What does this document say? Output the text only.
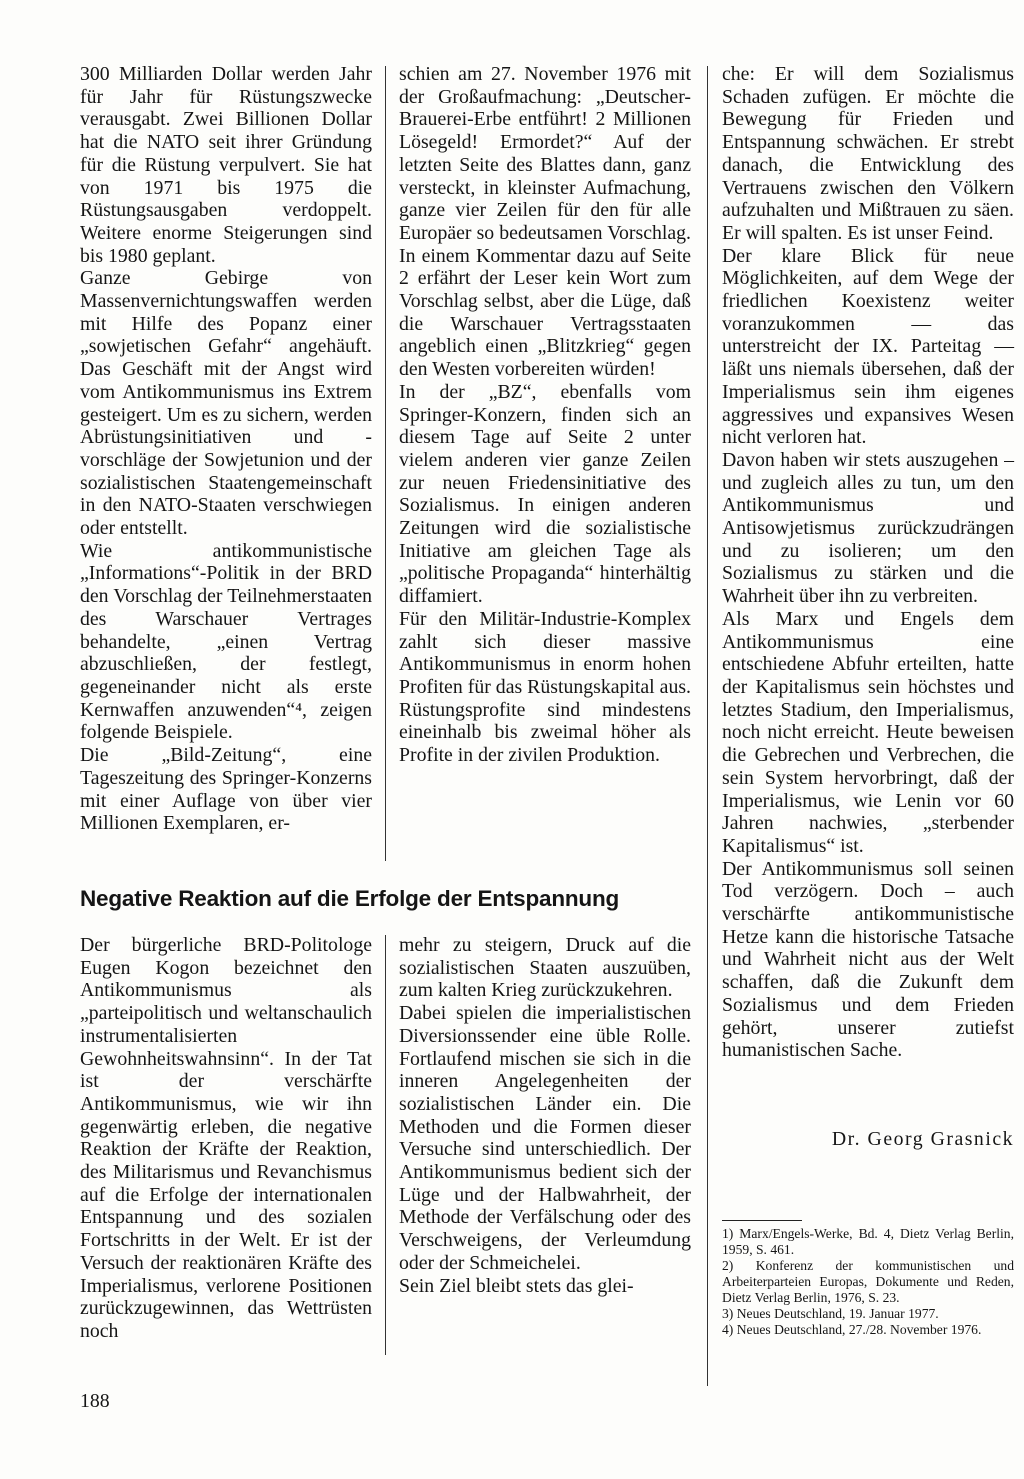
300 Milliarden Dollar werden Jahr für Jahr für Rüstungszwecke verausgabt. Zwei Billionen Dollar hat die NATO seit ihrer Gründung für die Rüstung verpulvert. Sie hat von 1971 bis 1975 die Rüstungsausgaben verdoppelt. Weitere enorme Steigerungen sind bis 1980 geplant.

Ganze Gebirge von Massenvernichtungswaffen werden mit Hilfe des Popanz einer „sowjetischen Gefahr“ angehäuft. Das Geschäft mit der Angst wird vom Antikommunismus ins Extrem gesteigert. Um es zu sichern, werden Abrüstungsinitiativen und -vorschläge der Sowjetunion und der sozialistischen Staatengemeinschaft in den NATO-Staaten verschwiegen oder entstellt.

Wie antikommunistische „Informations“-Politik in der BRD den Vorschlag der Teilnehmerstaaten des Warschauer Vertrages behandelte, „einen Vertrag abzuschließen, der festlegt, gegeneinander nicht als erste Kernwaffen anzuwenden“⁴, zeigen folgende Beispiele.

Die „Bild-Zeitung“, eine Tageszeitung des Springer-Konzerns mit einer Auflage von über vier Millionen Exemplaren, er-

schien am 27. November 1976 mit der Großaufmachung: „Deutscher-Brauerei-Erbe entführt! 2 Millionen Lösegeld! Ermordet?“ Auf der letzten Seite des Blattes dann, ganz versteckt, in kleinster Aufmachung, ganze vier Zeilen für den für alle Europäer so bedeutsamen Vorschlag. In einem Kommentar dazu auf Seite 2 erfährt der Leser kein Wort zum Vorschlag selbst, aber die Lüge, daß die Warschauer Vertragsstaaten angeblich einen „Blitzkrieg“ gegen den Westen vorbereiten würden!

In der „BZ“, ebenfalls vom Springer-Konzern, finden sich an diesem Tage auf Seite 2 unter vielem anderen vier ganze Zeilen zur neuen Friedensinitiative des Sozialismus. In einigen anderen Zeitungen wird die sozialistische Initiative am gleichen Tage als „politische Propaganda“ hinterhältig diffamiert.

Für den Militär-Industrie-Komplex zahlt sich dieser massive Antikommunismus in enorm hohen Profiten für das Rüstungskapital aus. Rüstungsprofite sind mindestens eineinhalb bis zweimal höher als Profite in der zivilen Produktion.

Negative Reaktion auf die Erfolge der Entspannung

Der bürgerliche BRD-Politologe Eugen Kogon bezeichnet den Antikommunismus als „parteipolitisch und weltanschaulich instrumentalisierten Gewohnheitswahnsinn“. In der Tat ist der verschärfte Antikommunismus, wie wir ihn gegenwärtig erleben, die negative Reaktion der Kräfte der Reaktion, des Militarismus und Revanchismus auf die Erfolge der internationalen Entspannung und des sozialen Fortschritts in der Welt. Er ist der Versuch der reaktionären Kräfte des Imperialismus, verlorene Positionen zurückzugewinnen, das Wettrüsten noch

mehr zu steigern, Druck auf die sozialistischen Staaten auszuüben, zum kalten Krieg zurückzukehren.

Dabei spielen die imperialistischen Diversionssender eine üble Rolle. Fortlaufend mischen sie sich in die inneren Angelegenheiten der sozialistischen Länder ein. Die Methoden und die Formen dieser Versuche sind unterschiedlich. Der Antikommunismus bedient sich der Lüge und der Halbwahrheit, der Methode der Verfälschung oder des Verschweigens, der Verleumdung oder der Schmeichelei.

Sein Ziel bleibt stets das glei-

che: Er will dem Sozialismus Schaden zufügen. Er möchte die Bewegung für Frieden und Entspannung schwächen. Er strebt danach, die Entwicklung des Vertrauens zwischen den Völkern aufzuhalten und Mißtrauen zu säen. Er will spalten. Es ist unser Feind.

Der klare Blick für neue Möglichkeiten, auf dem Wege der friedlichen Koexistenz weiter voranzukommen — das unterstreicht der IX. Parteitag — läßt uns niemals übersehen, daß der Imperialismus sein ihm eigenes aggressives und expansives Wesen nicht verloren hat.

Davon haben wir stets auszugehen – und zugleich alles zu tun, um den Antikommunismus und Antisowjetismus zurückzudrängen und zu isolieren; um den Sozialismus zu stärken und die Wahrheit über ihn zu verbreiten.

Als Marx und Engels dem Antikommunismus eine entschiedene Abfuhr erteilten, hatte der Kapitalismus sein höchstes und letztes Stadium, den Imperialismus, noch nicht erreicht. Heute beweisen die Gebrechen und Verbrechen, die sein System hervorbringt, daß der Imperialismus, wie Lenin vor 60 Jahren nachwies, „sterbender Kapitalismus“ ist.

Der Antikommunismus soll seinen Tod verzögern. Doch – auch verschärfte antikommunistische Hetze kann die historische Tatsache und Wahrheit nicht aus der Welt schaffen, daß die Zukunft dem Sozialismus und dem Frieden gehört, unserer zutiefst humanistischen Sache.

Dr. Georg Grasnick

1) Marx/Engels-Werke, Bd. 4, Dietz Verlag Berlin, 1959, S. 461.
2) Konferenz der kommunistischen und Arbeiterparteien Europas, Dokumente und Reden, Dietz Verlag Berlin, 1976, S. 23.
3) Neues Deutschland, 19. Januar 1977.
4) Neues Deutschland, 27./28. November 1976.

188
